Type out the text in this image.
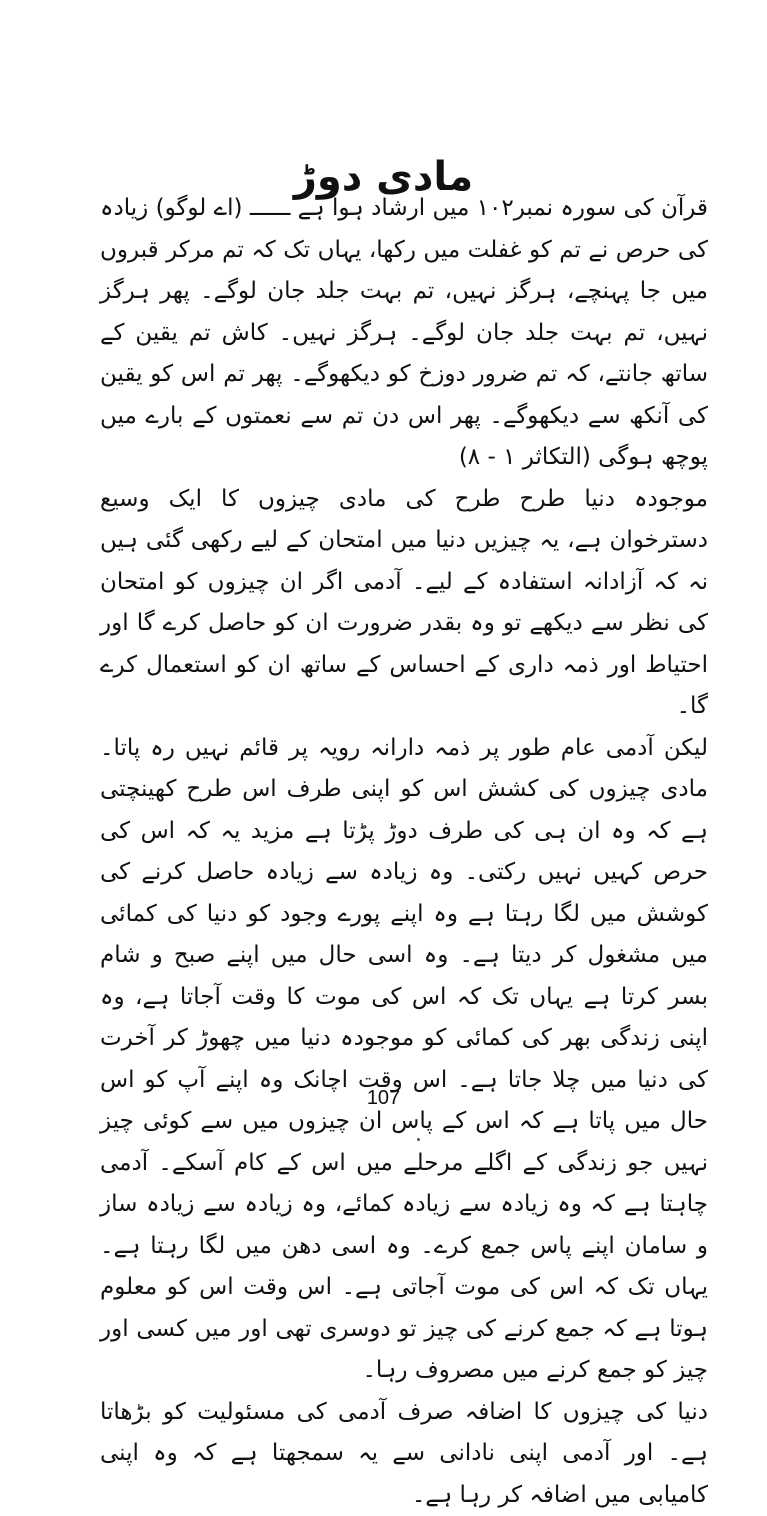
مادی دوڑ

قرآن کی سورہ نمبر۱۰۲ میں ارشاد ہوا ہے ــــــ (اے لوگو) زیادہ کی حرص نے تم کو غفلت میں رکھا، یہاں تک کہ تم مرکر قبروں میں جا پہنچے، ہرگز نہیں، تم بہت جلد جان لوگے۔ پھر ہرگز نہیں، تم بہت جلد جان لوگے۔ ہرگز نہیں۔ کاش تم یقین کے ساتھ جانتے، کہ تم ضرور دوزخ کو دیکھوگے۔ پھر تم اس کو یقین کی آنکھ سے دیکھوگے۔ پھر اس دن تم سے نعمتوں کے بارے میں پوچھ ہوگی (التکاثر ۱ - ۸)

موجودہ دنیا طرح طرح کی مادی چیزوں کا ایک وسیع دسترخوان ہے، یہ چیزیں دنیا میں امتحان کے لیے رکھی گئی ہیں نہ کہ آزادانہ استفادہ کے لیے۔ آدمی اگر ان چیزوں کو امتحان کی نظر سے دیکھے تو وہ بقدر ضرورت ان کو حاصل کرے گا اور احتیاط اور ذمہ داری کے احساس کے ساتھ ان کو استعمال کرے گا۔

لیکن آدمی عام طور پر ذمہ دارانہ رویہ پر قائم نہیں رہ پاتا۔ مادی چیزوں کی کشش اس کو اپنی طرف اس طرح کھینچتی ہے کہ وہ ان ہی کی طرف دوڑ پڑتا ہے مزید یہ کہ اس کی حرص کہیں نہیں رکتی۔ وہ زیادہ سے زیادہ حاصل کرنے کی کوشش میں لگا رہتا ہے وہ اپنے پورے وجود کو دنیا کی کمائی میں مشغول کر دیتا ہے۔ وہ اسی حال میں اپنے صبح و شام بسر کرتا ہے یہاں تک کہ اس کی موت کا وقت آجاتا ہے، وہ اپنی زندگی بھر کی کمائی کو موجودہ دنیا میں چھوڑ کر آخرت کی دنیا میں چلا جاتا ہے۔ اس وقت اچانک وہ اپنے آپ کو اس حال میں پاتا ہے کہ اس کے پاس ان چیزوں میں سے کوئی چیز نہیں جو زندگی کے اگلے مرحلے میں اس کے کام آسکے۔ آدمی چاہتا ہے کہ وہ زیادہ سے زیادہ کمائے، وہ زیادہ سے زیادہ ساز و سامان اپنے پاس جمع کرے۔ وہ اسی دھن میں لگا رہتا ہے۔ یہاں تک کہ اس کی موت آجاتی ہے۔ اس وقت اس کو معلوم ہوتا ہے کہ جمع کرنے کی چیز تو دوسری تھی اور میں کسی اور چیز کو جمع کرنے میں مصروف رہا۔

دنیا کی چیزوں کا اضافہ صرف آدمی کی مسئولیت کو بڑھاتا ہے۔ اور آدمی اپنی نادانی سے یہ سمجھتا ہے کہ وہ اپنی کامیابی میں اضافہ کر رہا ہے۔

107
